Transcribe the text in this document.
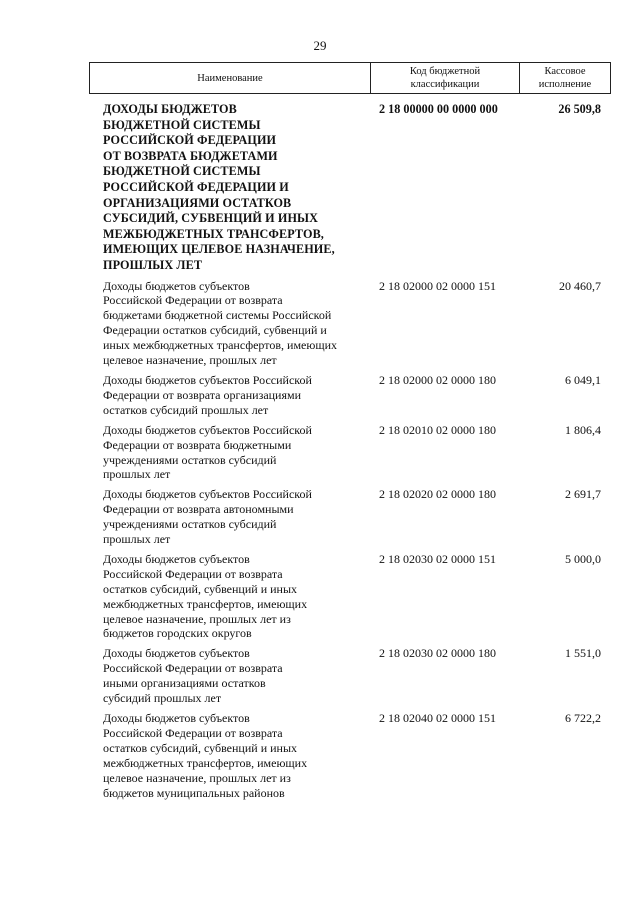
29
Наименование
Код бюджетной
классификации
Кассовое
исполнение
ДОХОДЫ БЮДЖЕТОВ
БЮДЖЕТНОЙ СИСТЕМЫ
РОССИЙСКОЙ ФЕДЕРАЦИИ
ОТ ВОЗВРАТА БЮДЖЕТАМИ
БЮДЖЕТНОЙ СИСТЕМЫ
РОССИЙСКОЙ ФЕДЕРАЦИИ И
ОРГАНИЗАЦИЯМИ ОСТАТКОВ
СУБСИДИЙ, СУБВЕНЦИЙ И ИНЫХ
МЕЖБЮДЖЕТНЫХ ТРАНСФЕРТОВ,
ИМЕЮЩИХ ЦЕЛЕВОЕ НАЗНАЧЕНИЕ,
ПРОШЛЫХ ЛЕТ
2 18 00000 00 0000 000	26 509,8
Доходы бюджетов субъектов
Российской Федерации от возврата
бюджетами бюджетной системы Российской
Федерации остатков субсидий, субвенций и
иных межбюджетных трансфертов, имеющих
целевое назначение, прошлых лет
2 18 02000 02 0000 151	20 460,7
Доходы бюджетов субъектов Российской
Федерации от возврата организациями
остатков субсидий прошлых лет
2 18 02000 02 0000 180	6 049,1
Доходы бюджетов субъектов Российской
Федерации от возврата бюджетными
учреждениями остатков субсидий
прошлых лет
2 18 02010 02 0000 180	1 806,4
Доходы бюджетов субъектов Российской
Федерации от возврата автономными
учреждениями остатков субсидий
прошлых лет
2 18 02020 02 0000 180	2 691,7
Доходы бюджетов субъектов
Российской Федерации от возврата
остатков субсидий, субвенций и иных
межбюджетных трансфертов, имеющих
целевое назначение, прошлых лет из
бюджетов городских округов
2 18 02030 02 0000 151	5 000,0
Доходы бюджетов субъектов
Российской Федерации от возврата
иными организациями остатков
субсидий прошлых лет
2 18 02030 02 0000 180	1 551,0
Доходы бюджетов субъектов
Российской Федерации от возврата
остатков субсидий, субвенций и иных
межбюджетных трансфертов, имеющих
целевое назначение, прошлых лет из
бюджетов муниципальных районов
2 18 02040 02 0000 151	6 722,2
